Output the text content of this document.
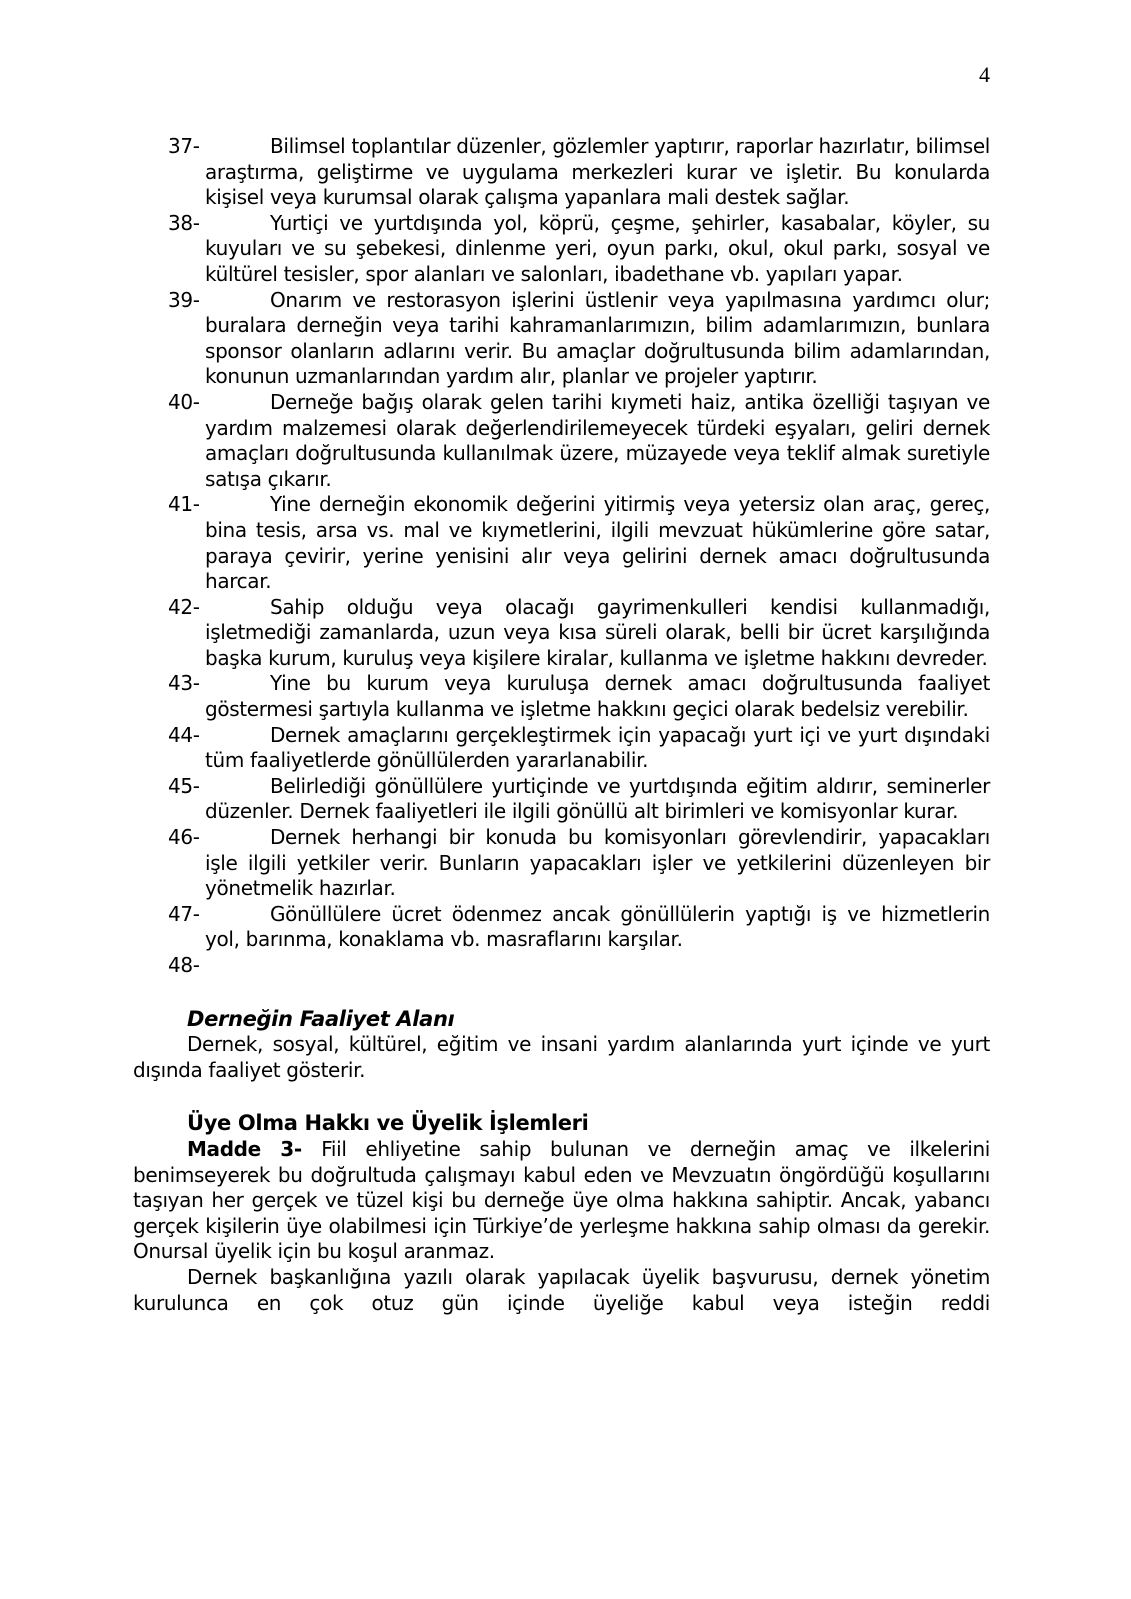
4

37-	Bilimsel toplantılar düzenler, gözlemler yaptırır, raporlar hazırlatır, bilimsel araştırma, geliştirme ve uygulama merkezleri kurar ve işletir. Bu konularda kişisel veya kurumsal olarak çalışma yapanlara mali destek sağlar.
38-	Yurtiçi ve yurtdışında yol, köprü, çeşme, şehirler, kasabalar, köyler, su kuyuları ve su şebekesi, dinlenme yeri, oyun parkı, okul, okul parkı, sosyal ve kültürel tesisler, spor alanları ve salonları, ibadethane vb. yapıları yapar.
39-	Onarım ve restorasyon işlerini üstlenir veya yapılmasına yardımcı olur; buralara derneğin veya tarihi kahramanlarımızın, bilim adamlarımızın, bunlara sponsor olanların adlarını verir. Bu amaçlar doğrultusunda bilim adamlarından, konunun uzmanlarından yardım alır, planlar ve projeler yaptırır.
40-	Derneğe bağış olarak gelen tarihi kıymeti haiz, antika özelliği taşıyan ve yardım malzemesi olarak değerlendirilemeyecek türdeki eşyaları, geliri dernek amaçları doğrultusunda kullanılmak üzere, müzayede veya teklif almak suretiyle satışa çıkarır.
41-	Yine derneğin ekonomik değerini yitirmiş veya yetersiz olan araç, gereç, bina tesis, arsa vs. mal ve kıymetlerini, ilgili mevzuat hükümlerine göre satar, paraya çevirir, yerine yenisini alır veya gelirini dernek amacı doğrultusunda harcar.
42-	Sahip olduğu veya olacağı gayrimenkulleri kendisi kullanmadığı, işletmediği zamanlarda, uzun veya kısa süreli olarak, belli bir ücret karşılığında başka kurum, kuruluş veya kişilere kiralar, kullanma ve işletme hakkını devreder.
43-	Yine bu kurum veya kuruluşa dernek amacı doğrultusunda faaliyet göstermesi şartıyla kullanma ve işletme hakkını geçici olarak bedelsiz verebilir.
44-	Dernek amaçlarını gerçekleştirmek için yapacağı yurt içi ve yurt dışındaki tüm faaliyetlerde gönüllülerden yararlanabilir.
45-	Belirlediği gönüllülere yurtiçinde ve yurtdışında eğitim aldırır, seminerler düzenler. Dernek faaliyetleri ile ilgili gönüllü alt birimleri ve komisyonlar kurar.
46-	Dernek herhangi bir konuda bu komisyonları görevlendirir, yapacakları işle ilgili yetkiler verir. Bunların yapacakları işler ve yetkilerini düzenleyen bir yönetmelik hazırlar.
47-	Gönüllülere ücret ödenmez ancak gönüllülerin yaptığı iş ve hizmetlerin yol, barınma, konaklama vb. masraflarını karşılar.
48-
Derneğin Faaliyet Alanı

Dernek, sosyal, kültürel, eğitim ve insani yardım alanlarında yurt içinde ve yurt dışında faaliyet gösterir.

Üye Olma Hakkı ve Üyelik İşlemleri

Madde 3- Fiil ehliyetine sahip bulunan ve derneğin amaç ve ilkelerini benimseyerek bu doğrultuda çalışmayı kabul eden ve Mevzuatın öngördüğü koşullarını taşıyan her gerçek ve tüzel kişi bu derneğe üye olma hakkına sahiptir. Ancak, yabancı gerçek kişilerin üye olabilmesi için Türkiye’de yerleşme hakkına sahip olması da gerekir. Onursal üyelik için bu koşul aranmaz.

Dernek başkanlığına yazılı olarak yapılacak üyelik başvurusu, dernek yönetim kurulunca en çok otuz gün içinde üyeliğe kabul veya isteğin reddi
